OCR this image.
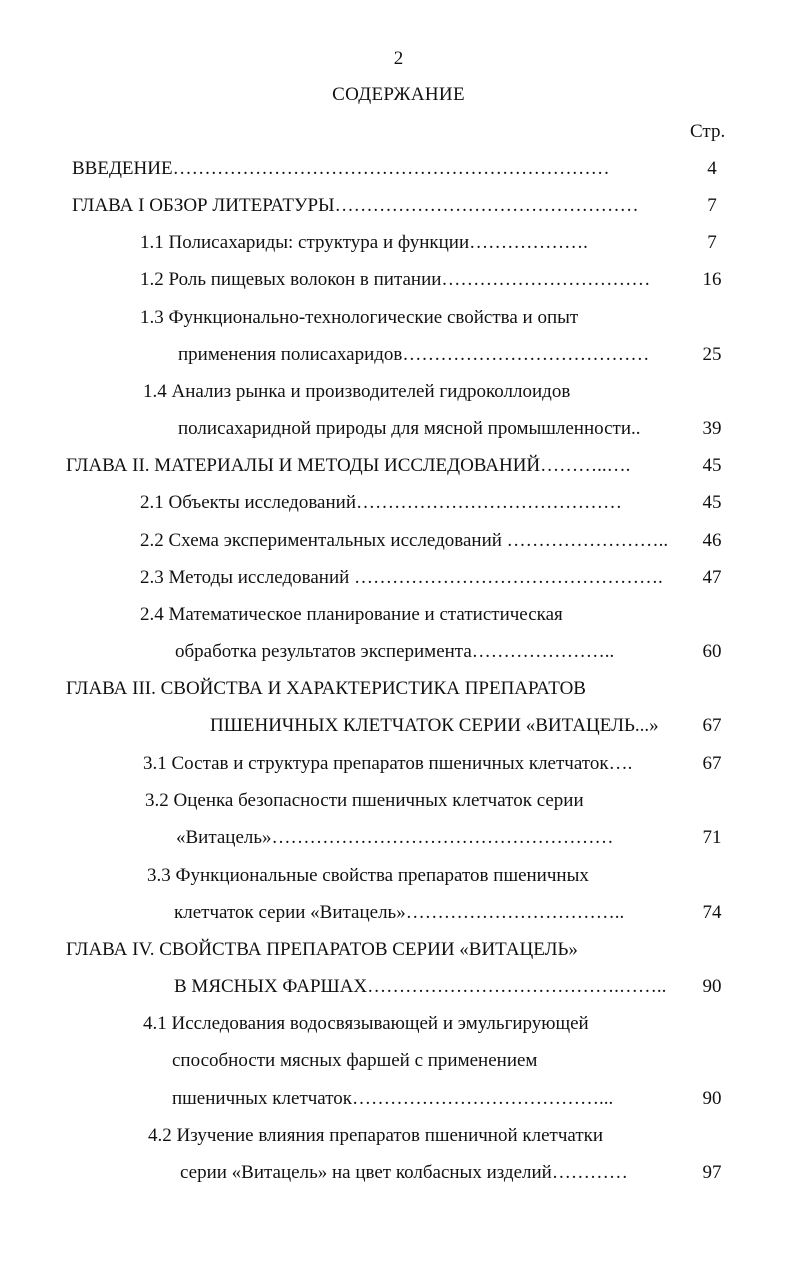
2
СОДЕРЖАНИЕ
Стр.
ВВЕДЕНИЕ……………………………………………………………	4
ГЛАВА I ОБЗОР ЛИТЕРАТУРЫ…………………………………………	7
1.1 Полисахариды: структура и функции……………….	7
1.2 Роль пищевых волокон в питании……………………………	16
1.3 Функционально-технологические свойства и опыт
применения полисахаридов…………………………………	25
1.4 Анализ рынка и производителей гидроколлоидов
полисахаридной природы для мясной промышленности..	39
ГЛАВА II. МАТЕРИАЛЫ И МЕТОДЫ ИССЛЕДОВАНИЙ………..….	45
2.1 Объекты исследований……………………………………	45
2.2 Схема экспериментальных исследований ……………………..	46
2.3 Методы исследований ………………………………………….	47
2.4 Математическое планирование и статистическая
обработка результатов эксперимента…………………..	60
ГЛАВА III. СВОЙСТВА И ХАРАКТЕРИСТИКА ПРЕПАРАТОВ
ПШЕНИЧНЫХ КЛЕТЧАТОК СЕРИИ «ВИТАЦЕЛЬ...»	67
3.1 Состав и структура препаратов пшеничных клетчаток….	67
3.2 Оценка безопасности пшеничных клетчаток серии
«Витацель»………………………………………………	71
3.3 Функциональные свойства препаратов пшеничных
клетчаток серии «Витацель»……………………………..	74
ГЛАВА IV. СВОЙСТВА ПРЕПАРАТОВ СЕРИИ «ВИТАЦЕЛЬ»
В МЯСНЫХ ФАРШАХ………………………………….……..	90
4.1 Исследования водосвязывающей и эмульгирующей
способности мясных фаршей с применением
пшеничных клетчаток…………………………………...	90
4.2 Изучение влияния препаратов пшеничной клетчатки
серии «Витацель» на цвет колбасных изделий…………	97
